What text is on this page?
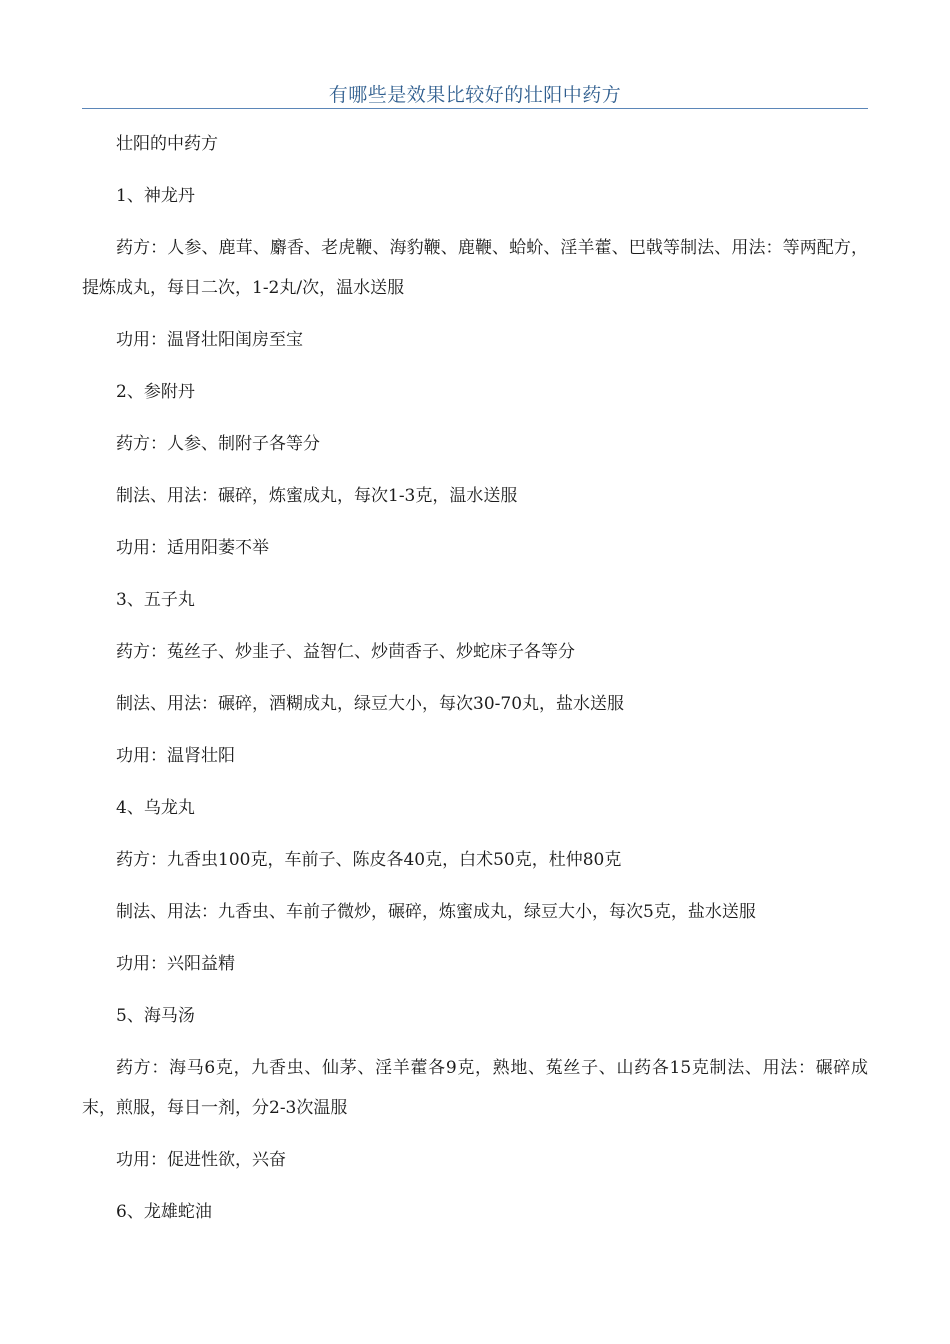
有哪些是效果比较好的壮阳中药方

壮阳的中药方

1、神龙丹

药方：人参、鹿茸、麝香、老虎鞭、海豹鞭、鹿鞭、蛤蚧、淫羊藿、巴戟等制法、用法：等两配方，提炼成丸，每日二次，1-2丸/次，温水送服

功用：温肾壮阳闺房至宝

2、参附丹

药方：人参、制附子各等分

制法、用法：碾碎，炼蜜成丸，每次1-3克，温水送服

功用：适用阳萎不举

3、五子丸

药方：菟丝子、炒韭子、益智仁、炒茴香子、炒蛇床子各等分

制法、用法：碾碎，酒糊成丸，绿豆大小，每次30-70丸，盐水送服

功用：温肾壮阳

4、乌龙丸

药方：九香虫100克，车前子、陈皮各40克，白术50克，杜仲80克

制法、用法：九香虫、车前子微炒，碾碎，炼蜜成丸，绿豆大小，每次5克，盐水送服

功用：兴阳益精

5、海马汤

药方：海马6克，九香虫、仙茅、淫羊藿各9克，熟地、菟丝子、山药各15克制法、用法：碾碎成末，煎服，每日一剂，分2-3次温服

功用：促进性欲，兴奋

6、龙雄蛇油
